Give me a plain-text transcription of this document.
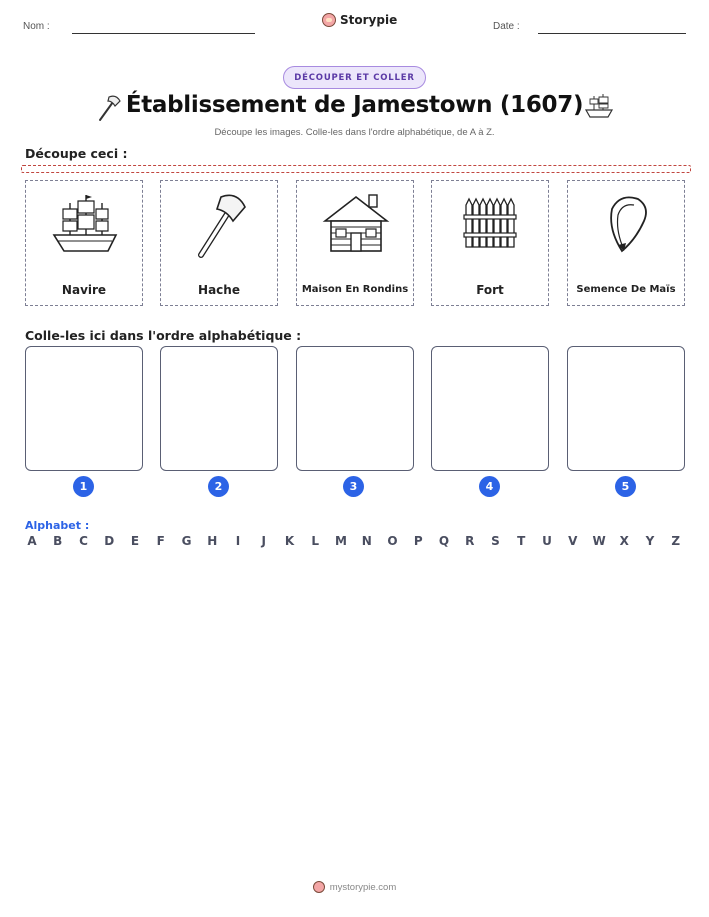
Nom :	Storypie	Date :
DÉCOUPER ET COLLER
Établissement de Jamestown (1607)
Découpe les images. Colle-les dans l'ordre alphabétique, de A à Z.
Découpe ceci :
Navire	Hache	Maison En Rondins	Fort	Semence De Maïs
Colle-les ici dans l'ordre alphabétique :
1	2	3	4	5
Alphabet :
A B C D E F G H	I	J	K L M N O P Q R S T U V W X Y Z
mystorypie.com
